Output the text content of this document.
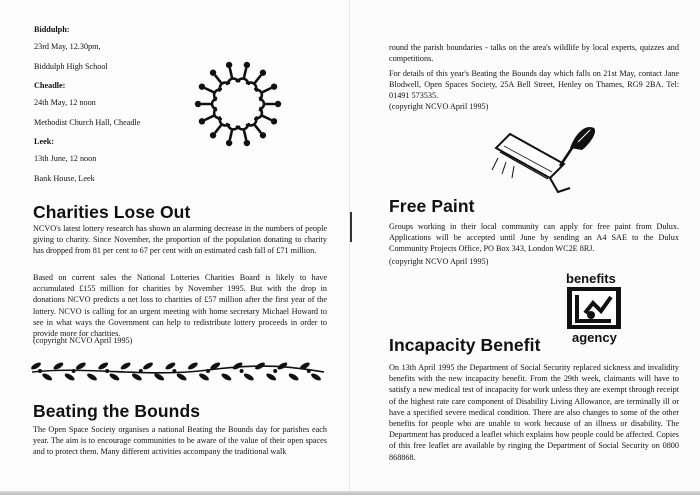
Biddulph:
23rd May, 12.30pm,
Biddulph High School
Cheadle:
24th May, 12 noon
Methodist Church Hall, Cheadle
Leek:
13th June, 12 noon
Bank House, Leek
Charities Lose Out

NCVO's latest lottery research has shown an alarming decrease in the numbers of people giving to charity. Since November, the proportion of the population donating to charity has dropped from 81 per cent to 67 per cent with an estimated cash fall of £71 million.

Based on current sales the National Lotteries Charities Board is likely to have accumulated £155 million for charities by November 1995. But with the drop in donations NCVO predicts a net loss to charities of £57 million after the first year of the lottery. NCVO is calling for an urgent meeting with home secretary Michael Howard to see in what ways the Government can help to redistribute lottery proceeds in order to provide more for charities.

(copyright NCVO April 1995)

Beating the Bounds

The Open Space Society organises a national Beating the Bounds day for parishes each year. The aim is to encourage communities to be aware of the value of their open spaces and to protect them. Many different activities accompany the traditional walk

round the parish boundaries - talks on the area's wildlife by local experts, quizzes and competitions.

For details of this year's Beating the Bounds day which falls on 21st May, contact Jane Blodwell, Open Spaces Society, 25A Bell Street, Henley on Thames, RG9 2BA. Tel: 01491 573535.

(copyright NCVO April 1995)

Free Paint

Groups working in their local community can apply for free paint from Dulux. Applications will be accepted until June by sending an A4 SAE to the Dulux Community Projects Office, PO Box 343, London WC2E 8RJ.

(copyright NCVO April 1995)

benefits
agency
Incapacity Benefit

On 13th April 1995 the Department of Social Security replaced sickness and invalidity benefits with the new incapacity benefit. From the 29th week, claimants will have to satisfy a new medical test of incapacity for work unless they are exempt through receipt of the highest rate care component of Disability Living Allowance, are terminally ill or have a specified severe medical condition. There are also changes to some of the other benefits for people who are unable to work because of an illness or disability. The Department has produced a leaflet which explains how people could be affected. Copies of this free leaflet are available by ringing the Department of Social Security on 0800 868868.
